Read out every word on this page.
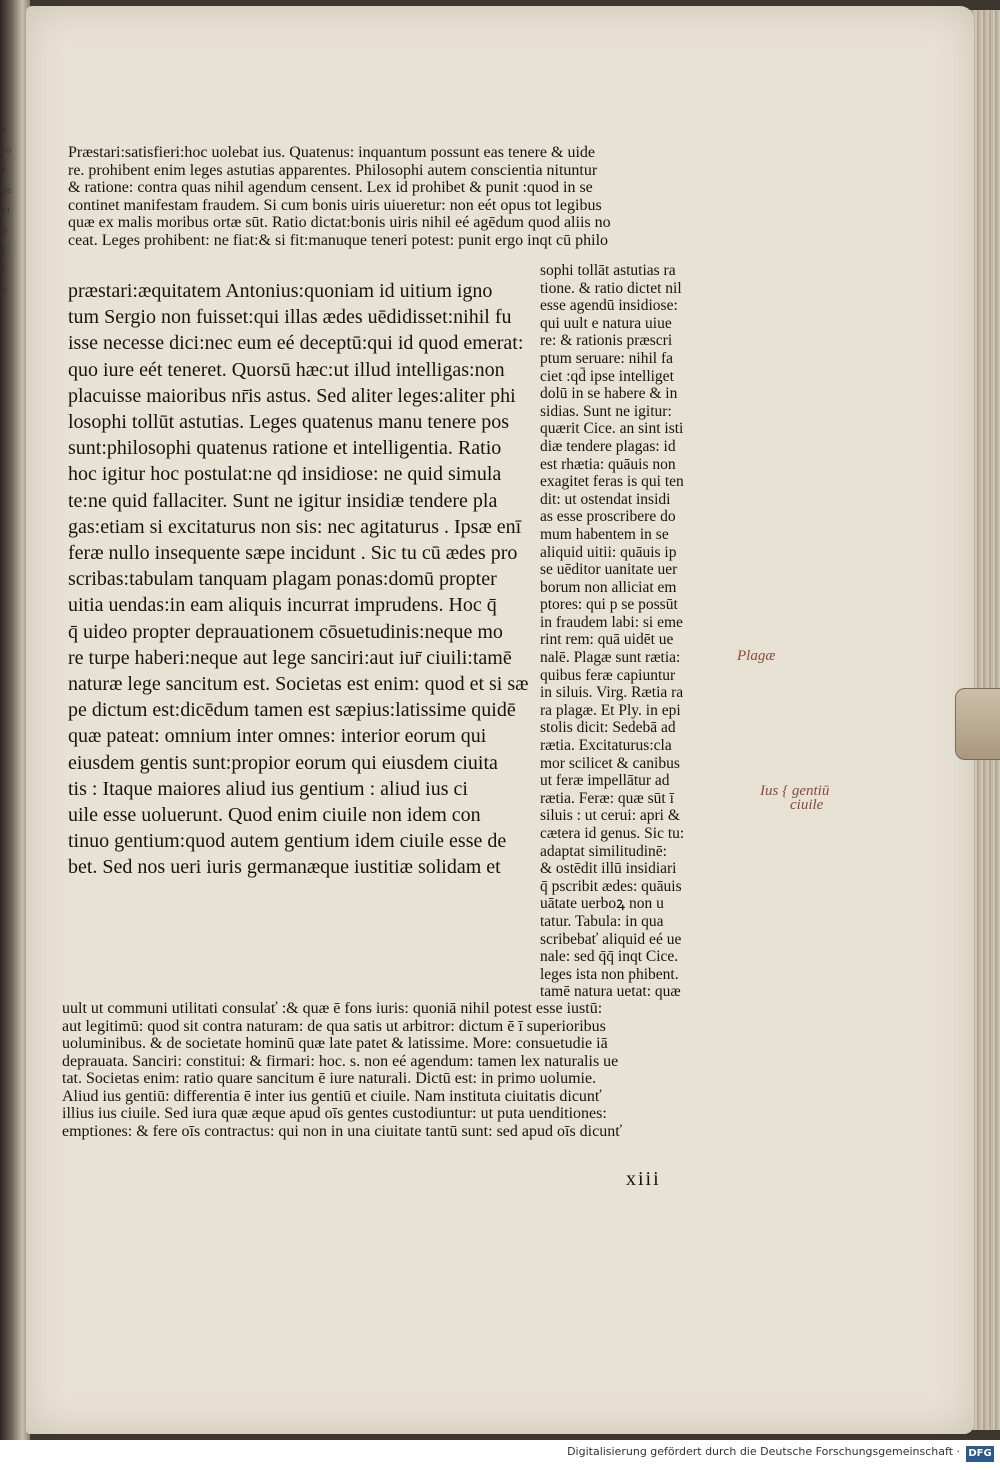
s
ro
f
ae
ci
n
C
c
a
Præstari:satisfieri:hoc uolebat ius. Quatenus: inquantum possunt eas tenere & uide
re. prohibent enim leges astutias apparentes. Philosophi autem conscientia nituntur
& ratione: contra quas nihil agendum censent. Lex id prohibet & punit :quod in se
continet manifestam fraudem. Si cum bonis uiris uiueretur: non eét opus tot legibus
quæ ex malis moribus ortæ sūt. Ratio dictat:bonis uiris nihil eé agēdum quod aliis no
ceat. Leges prohibent: ne fiat:& si fit:manuque teneri potest: punit ergo inqt cū philo
præstari:æquitatem Antonius:quoniam id uitium igno
tum Sergio non fuisset:qui illas ædes uēdidisset:nihil fu
isse necesse dici:nec eum eé deceptū:qui id quod emerat:
quo iure eét teneret. Quorsū hæc:ut illud intelligas:non
placuisse maioribus nr̄is astus. Sed aliter leges:aliter phi
losophi tollūt astutias. Leges quatenus manu tenere pos
sunt:philosophi quatenus ratione et intelligentia. Ratio
hoc igitur hoc postulat:ne qd insidiose: ne quid simula
te:ne quid fallaciter. Sunt ne igitur insidiæ tendere pla
gas:etiam si excitaturus non sis: nec agitaturus . Ipsæ enī
feræ nullo insequente sæpe incidunt . Sic tu cū ædes pro
scribas:tabulam tanquam plagam ponas:domū propter
uitia uendas:in eam aliquis incurrat imprudens. Hoc q̄
q̄ uideo propter deprauationem cōsuetudinis:neque mo
re turpe haberi:neque aut lege sanciri:aut iur̄ ciuili:tamē
naturæ lege sancitum est. Societas est enim: quod et si sæ
pe dictum est:dicēdum tamen est sæpius:latissime quidē
quæ pateat: omnium inter omnes: interior eorum qui
eiusdem gentis sunt:propior eorum qui eiusdem ciuita
tis : Itaque maiores aliud ius gentium : aliud ius ci
uile esse uoluerunt. Quod enim ciuile non idem con
tinuo gentium:quod autem gentium idem ciuile esse de
bet. Sed nos ueri iuris germanæque iustitiæ solidam et
sophi tollāt astutias ra
tione. & ratio dictet nil
esse agendū insidiose:
qui uult e natura uiue
re: & rationis præscri
ptum seruare: nihil fa
ciet :qd̄ ipse intelliget
dolū in se habere & in
sidias. Sunt ne igitur:
quærit Cice. an sint isti
diæ tendere plagas: id
est rhætia: quāuis non
exagitet feras is qui ten
dit: ut ostendat insidi
as esse proscribere do
mum habentem in se
aliquid uitii: quāuis ip
se uēditor uanitate uer
borum non alliciat em
ptores: qui p se possūt
in fraudem labi: si eme
rint rem: quā uidēt ue
nalē. Plagæ sunt rætia:
quibus feræ capiuntur
in siluis. Virg. Rætia ra
ra plagæ. Et Ply. in epi
stolis dicit: Sedebā ad
rætia. Excitaturus:cla
mor scilicet & canibus
ut feræ impellātur ad
rætia. Feræ: quæ sūt ī
siluis : ut cerui: apri &
cætera id genus. Sic tu:
adaptat similitudinē:
& ostēdit illū insidiari
q̄ pscribit ædes: quāuis
uātate uerboꝝ non u
tatur. Tabula: in qua
scribebať aliquid eé ue
nale: sed q̄q̄ inqt Cice.
leges ista non phibent.
tamē natura uetat: quæ
uult ut communi utilitati consulať :& quæ ē fons iuris: quoniā nihil potest esse iustū:
aut legitimū: quod sit contra naturam: de qua satis ut arbitror: dictum ē ī superioribus
uoluminibus. & de societate hominū quæ late patet & latissime. More: consuetudie iā
deprauata. Sanciri: constitui: & firmari: hoc. s. non eé agendum: tamen lex naturalis ue
tat. Societas enim: ratio quare sancitum ē iure naturali. Dictū est: in primo uolumie.
Aliud ius gentiū: differentia ē inter ius gentiū et ciuile. Nam instituta ciuitatis dicunť
illius ius ciuile. Sed iura quæ æque apud oīs gentes custodiuntur: ut puta uenditiones:
emptiones: & fere oīs contractus: qui non in una ciuitate tantū sunt: sed apud oīs dicunť
xiii
Plagæ
Ius { gentiū
ciuile
Digitalisierung gefördert durch die Deutsche Forschungsgemeinschaft · DFG
